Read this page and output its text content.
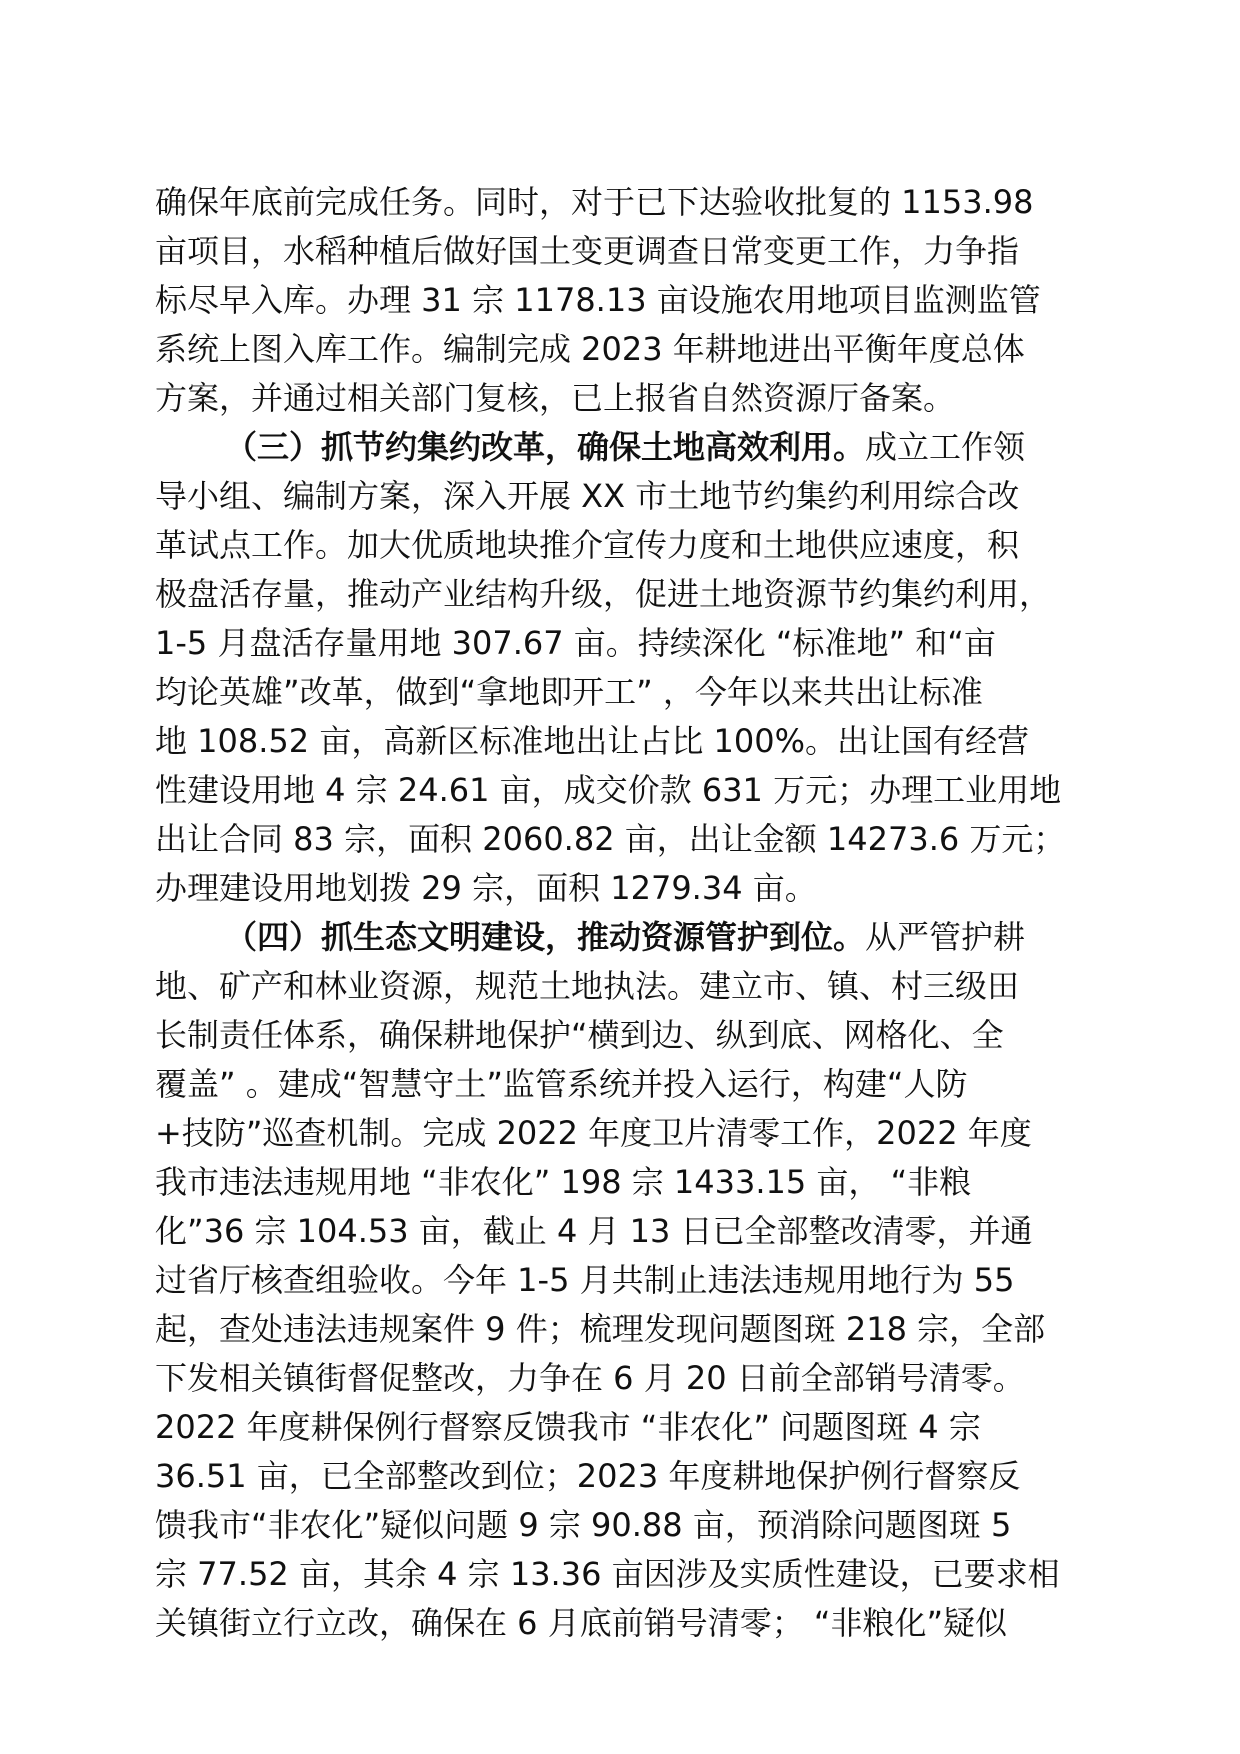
确保年底前完成任务。同时，对于已下达验收批复的 1153.98
亩项目，水稻种植后做好国土变更调查日常变更工作，力争指
标尽早入库。办理 31 宗 1178.13 亩设施农用地项目监测监管
系统上图入库工作。编制完成 2023 年耕地进出平衡年度总体
方案，并通过相关部门复核，已上报省自然资源厅备案。
（三）抓节约集约改革，确保土地高效利用。成立工作领
导小组、编制方案，深入开展 XX 市土地节约集约利用综合改
革试点工作。加大优质地块推介宣传力度和土地供应速度，积
极盘活存量，推动产业结构升级，促进土地资源节约集约利用，
1-5 月盘活存量用地 307.67 亩。持续深化 “标准地” 和“亩
均论英雄”改革，做到“拿地即开工” ，今年以来共出让标准
地 108.52 亩，高新区标准地出让占比 100%。出让国有经营
性建设用地 4 宗 24.61 亩，成交价款 631 万元；办理工业用地
出让合同 83 宗，面积 2060.82 亩，出让金额 14273.6 万元；
办理建设用地划拨 29 宗，面积 1279.34 亩。
（四）抓生态文明建设，推动资源管护到位。从严管护耕
地、矿产和林业资源，规范土地执法。建立市、镇、村三级田
长制责任体系，确保耕地保护“横到边、纵到底、网格化、全
覆盖” 。建成“智慧守土”监管系统并投入运行，构建“人防
+技防”巡查机制。完成 2022 年度卫片清零工作，2022 年度
我市违法违规用地 “非农化” 198 宗 1433.15 亩， “非粮
化”36 宗 104.53 亩，截止 4 月 13 日已全部整改清零，并通
过省厅核查组验收。今年 1-5 月共制止违法违规用地行为 55
起，查处违法违规案件 9 件；梳理发现问题图斑 218 宗，全部
下发相关镇街督促整改，力争在 6 月 20 日前全部销号清零。
2022 年度耕保例行督察反馈我市 “非农化” 问题图斑 4 宗
36.51 亩，已全部整改到位；2023 年度耕地保护例行督察反
馈我市“非农化”疑似问题 9 宗 90.88 亩，预消除问题图斑 5
宗 77.52 亩，其余 4 宗 13.36 亩因涉及实质性建设，已要求相
关镇街立行立改，确保在 6 月底前销号清零； “非粮化”疑似
